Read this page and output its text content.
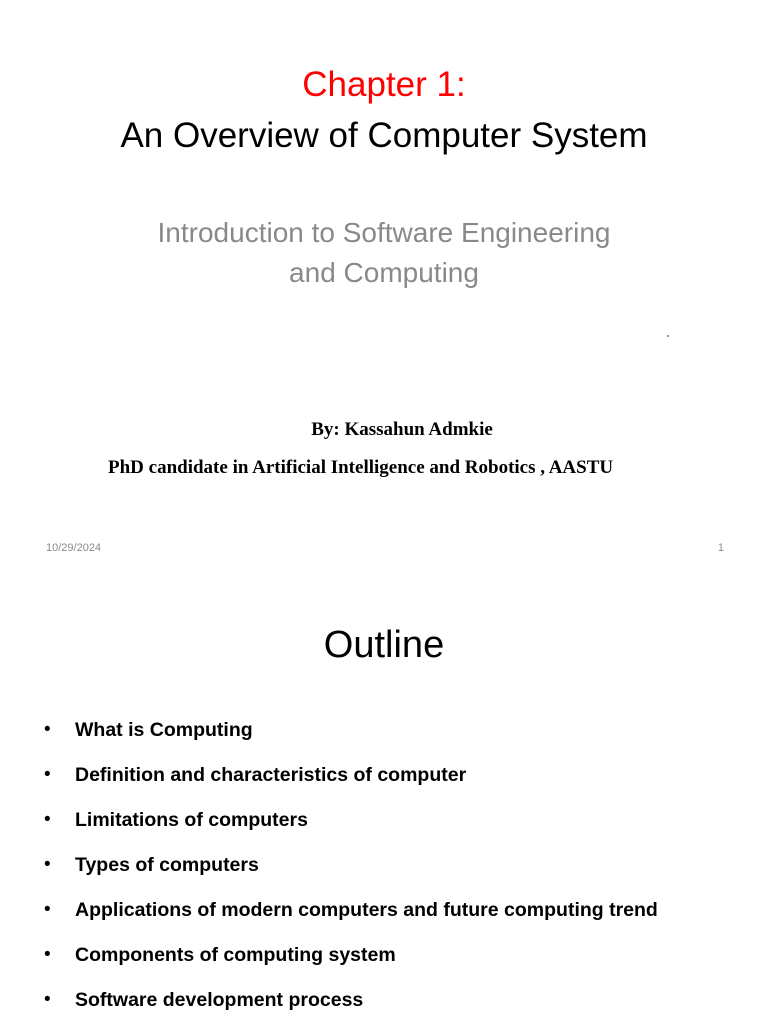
Chapter 1:
An Overview of Computer System
Introduction to Software Engineering
and Computing
By: Kassahun Admkie
PhD candidate in Artificial Intelligence and Robotics , AASTU
10/29/2024	1
Outline
• What is Computing
• Definition and characteristics of computer
• Limitations of computers
• Types of computers
• Applications of modern computers and future computing trend
• Components of computing system
• Software development process
